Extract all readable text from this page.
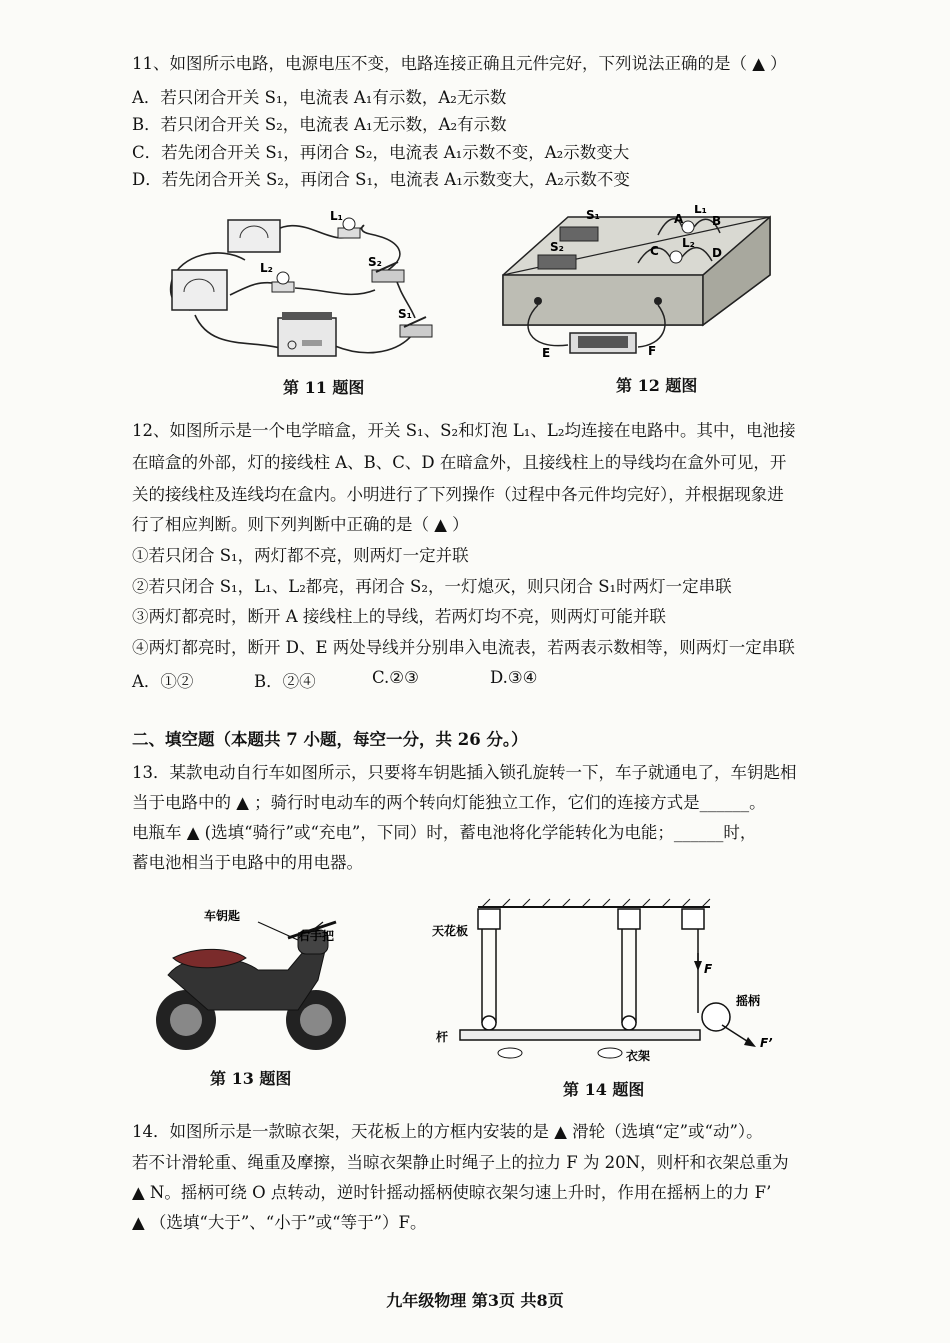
11、如图所示电路，电源电压不变，电路连接正确且元件完好，下列说法正确的是（ ▲ ）
A．若只闭合开关 S₁，电流表 A₁有示数，A₂无示数
B．若只闭合开关 S₂，电流表 A₁无示数，A₂有示数
C．若先闭合开关 S₁，再闭合 S₂，电流表 A₁示数不变，A₂示数变大
D．若先闭合开关 S₂，再闭合 S₁，电流表 A₁示数变大，A₂示数不变
L₁
L₂	S₂
S₁
第 11 题图
S₁
S₂
L₁
L₂
A B
C	D
E	F
第 12 题图
12、如图所示是一个电学暗盒，开关 S₁、S₂和灯泡 L₁、L₂均连接在电路中。其中，电池接
在暗盒的外部，灯的接线柱 A、B、C、D 在暗盒外，且接线柱上的导线均在盒外可见，开
关的接线柱及连线均在盒内。小明进行了下列操作（过程中各元件均完好），并根据现象进
行了相应判断。则下列判断中正确的是（ ▲ ）
①若只闭合 S₁，两灯都不亮，则两灯一定并联
②若只闭合 S₁，L₁、L₂都亮，再闭合 S₂，一灯熄灭，则只闭合 S₁时两灯一定串联
③两灯都亮时，断开 A 接线柱上的导线，若两灯均不亮，则两灯可能并联
④两灯都亮时，断开 D、E 两处导线并分别串入电流表，若两表示数相等，则两灯一定串联
A．①②	B．②④	C.②③	D.③④
二、填空题（本题共 7 小题，每空一分，共 26 分。）
13．某款电动自行车如图所示，只要将车钥匙插入锁孔旋转一下，车子就通电了，车钥匙相
当于电路中的 ▲ ；骑行时电动车的两个转向灯能独立工作，它们的连接方式是______。
电瓶车 ▲ (选填“骑行”或“充电”，下同）时，蓄电池将化学能转化为电能；______时，
蓄电池相当于电路中的用电器。
车钥匙
右手把
第 13 题图
天花板
杆
衣架
摇柄
F
F’
第 14 题图
14．如图所示是一款晾衣架，天花板上的方框内安装的是 ▲ 滑轮（选填“定”或“动”）。
若不计滑轮重、绳重及摩擦，当晾衣架静止时绳子上的拉力 F 为 20N，则杆和衣架总重为
▲ N。摇柄可绕 O 点转动，逆时针摇动摇柄使晾衣架匀速上升时，作用在摇柄上的力 F’
▲ （选填“大于”、“小于”或“等于”）F。
九年级物理 第3页 共8页
